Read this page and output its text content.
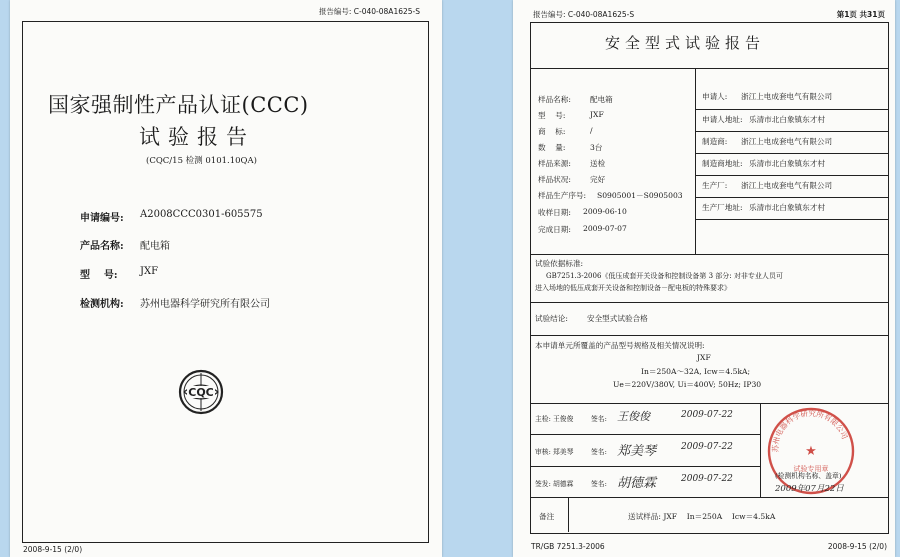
报告编号: C-040-08A1625-S
国家强制性产品认证(CCC)
试验报告
(CQC/15 检测 0101.10QA)
申请编号: A2008CCC0301-605575
产品名称: 配电箱
型    号: JXF
检测机构: 苏州电器科学研究所有限公司
CQC
2008-9-15 (2/0)
报告编号: C-040-08A1625-S	第1页 共31页
安全型式试验报告
样品名称:	配电箱
型    号:	JXF
商    标:	/
数    量:	3台
样品来源:	送检
样品状况:	完好
样品生产序号: S0905001－S0905003
收样日期: 2009-06-10
完成日期: 2009-07-07
申请人: 浙江上电成套电气有限公司
申请人地址: 乐清市北白象镇东才村
制造商: 浙江上电成套电气有限公司
制造商地址: 乐清市北白象镇东才村
生产厂: 浙江上电成套电气有限公司
生产厂地址: 乐清市北白象镇东才村
试验依据标准:
GB7251.3-2006《低压成套开关设备和控制设备第 3 部分: 对非专业人员可
进入场地的低压成套开关设备和控制设备－配电板的特殊要求》
试验结论:	安全型式试验合格
本申请单元所覆盖的产品型号规格及相关情况说明:
JXF
In＝250A～32A, Icw＝4.5kA;
Ue＝220V/380V, Ui＝400V; 50Hz; IP30
主检: 王俊俊	签名: 王俊俊	2009-07-22
审核: 郑美琴	签名: 郑美琴	2009-07-22
签发: 胡德霖	签名: 胡德霖	2009-07-22
苏州电器科学研究所有限公司
★
试验专用章
(检测机构名称、盖章)
2009年07月22日
备注	送试样品: JXF    In＝250A    Icw＝4.5kA
TR/GB 7251.3-2006	2008-9-15 (2/0)
